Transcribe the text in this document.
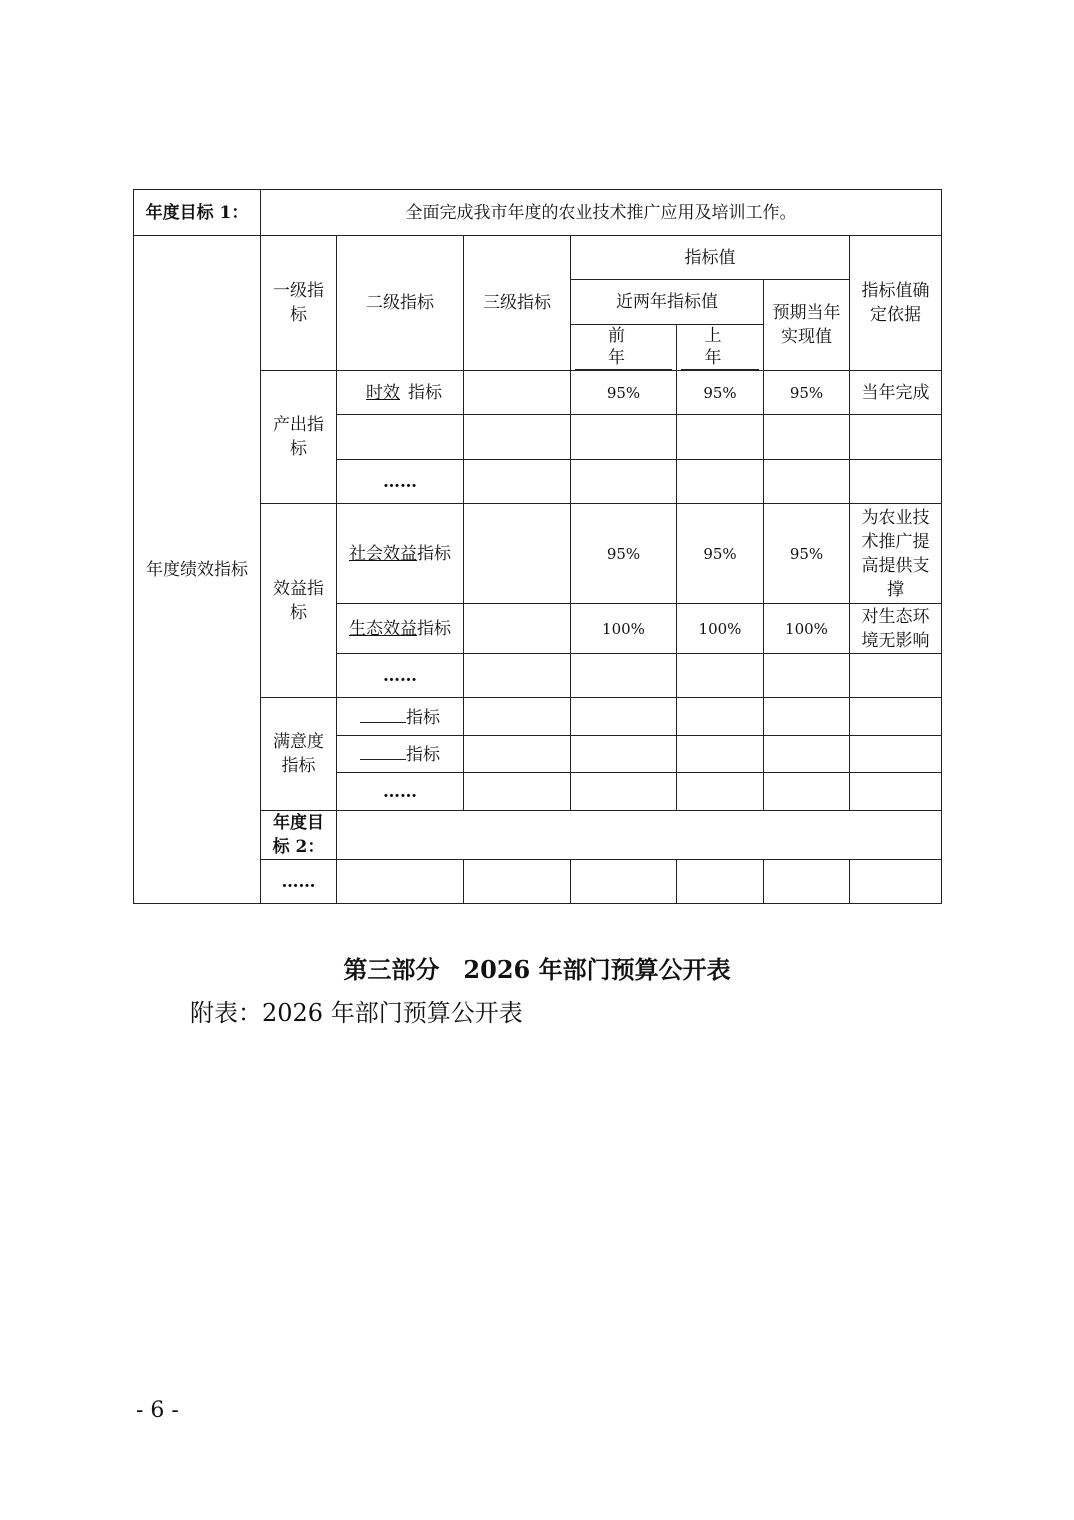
年度目标 1：	全面完成我市年度的农业技术推广应用及培训工作。							
年度绩效指标	一级指标	二级指标	三级指标	指标值			指标值确定依据	
				近两年指标值		预期当年实现值		
				前 年	上 年			
	产出指标	时效 指标		95%	95%	95%	当年完成	

		……						
	效益指标	社会效益指标		95%	95%	95%	为农业技术推广提高提供支撑	
		生态效益指标		100%	100%	100%	对生态环境无影响	
		……						
	满意度指标	指标						
		指标						
		……						
	年度目标 2：							
	……							
第三部分　2026 年部门预算公开表
附表：2026 年部门预算公开表
- 6 -
